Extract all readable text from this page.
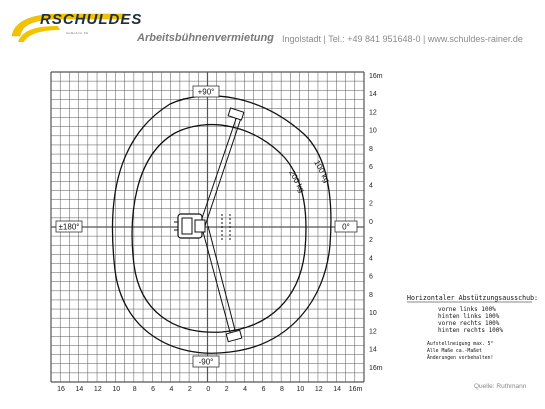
RSCHULDES
GmbH & Co. KG	Arbeitsbühnenvermietung Ingolstadt | Tel.: +49 841 951648-0 | www.schuldes-rainer.de
16 14 12 10 8 6 4 2 0 2 4 6 8 10 12 14 16m
16m
14
12
10
8
6
4
2
0
2
4
6
8
10
12
14
16m
100 kg
200 kg
+90°
-90°
±180°	0°
Horizontaler Abstützungsausschub:
vorne links 100%
hinten links 100%
vorne rechts 100%
hinten rechts 100%
Aufstellneigung max. 5°
Alle Maße ca.-Maßet
Änderungen vorbehalten!
Quelle: Ruthmann
